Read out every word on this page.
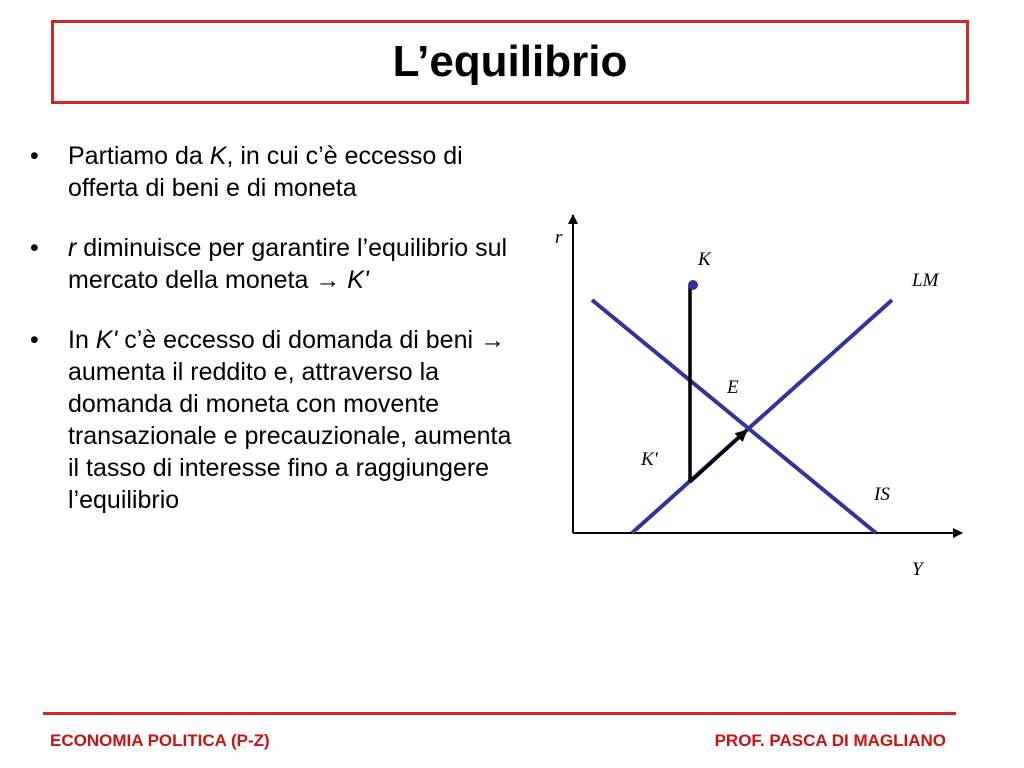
L’equilibrio
• Partiamo da K, in cui c’è eccesso di offerta di beni e di moneta
• r diminuisce per garantire l’equilibrio sul mercato della moneta → K'
• In K' c’è eccesso di domanda di beni → aumenta il reddito e, attraverso la domanda di moneta con movente transazionale e precauzionale, aumenta il tasso di interesse fino a raggiungere l’equilibrio
r
Y
LM
IS
K
E
K'
ECONOMIA POLITICA (P-Z)	PROF. PASCA DI MAGLIANO
